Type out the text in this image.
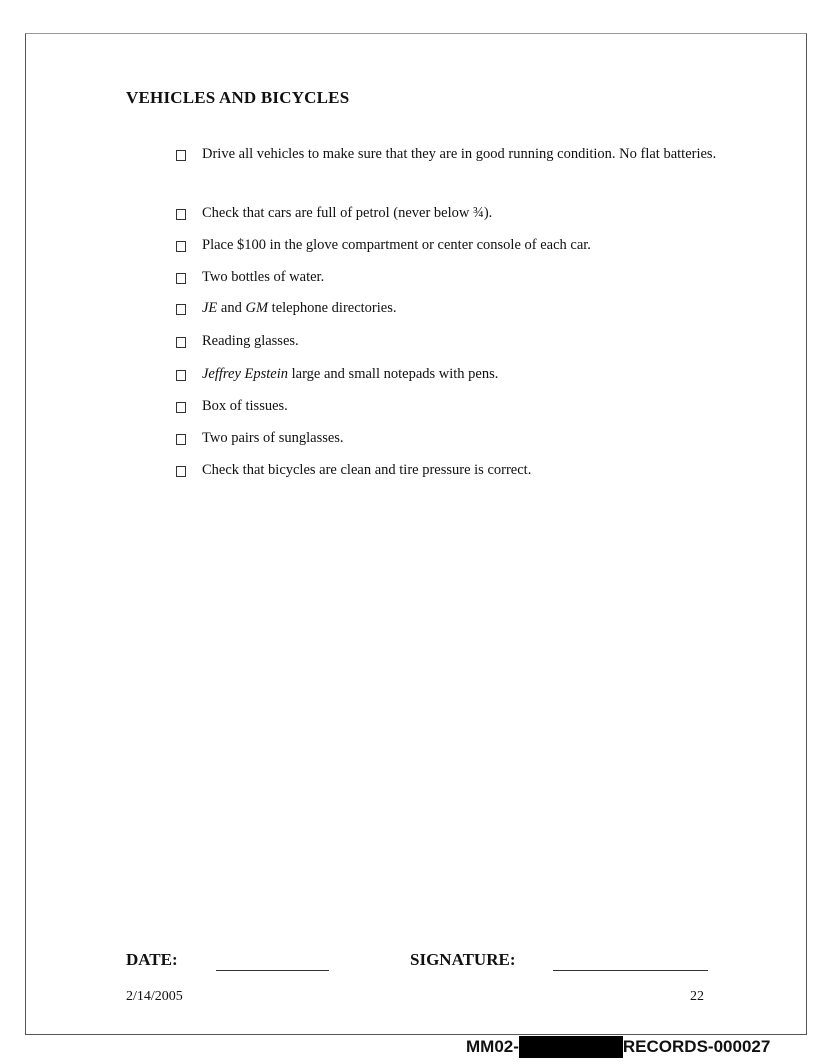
VEHICLES AND BICYCLES
Drive all vehicles to make sure that they are in good running condition. No flat batteries.
Check that cars are full of petrol (never below ¾).
Place $100 in the glove compartment or center console of each car.
Two bottles of water.
JE and GM telephone directories.
Reading glasses.
Jeffrey Epstein large and small notepads with pens.
Box of tissues.
Two pairs of sunglasses.
Check that bicycles are clean and tire pressure is correct.
DATE:	SIGNATURE:
2/14/2005	22
MM02-	RECORDS-000027
